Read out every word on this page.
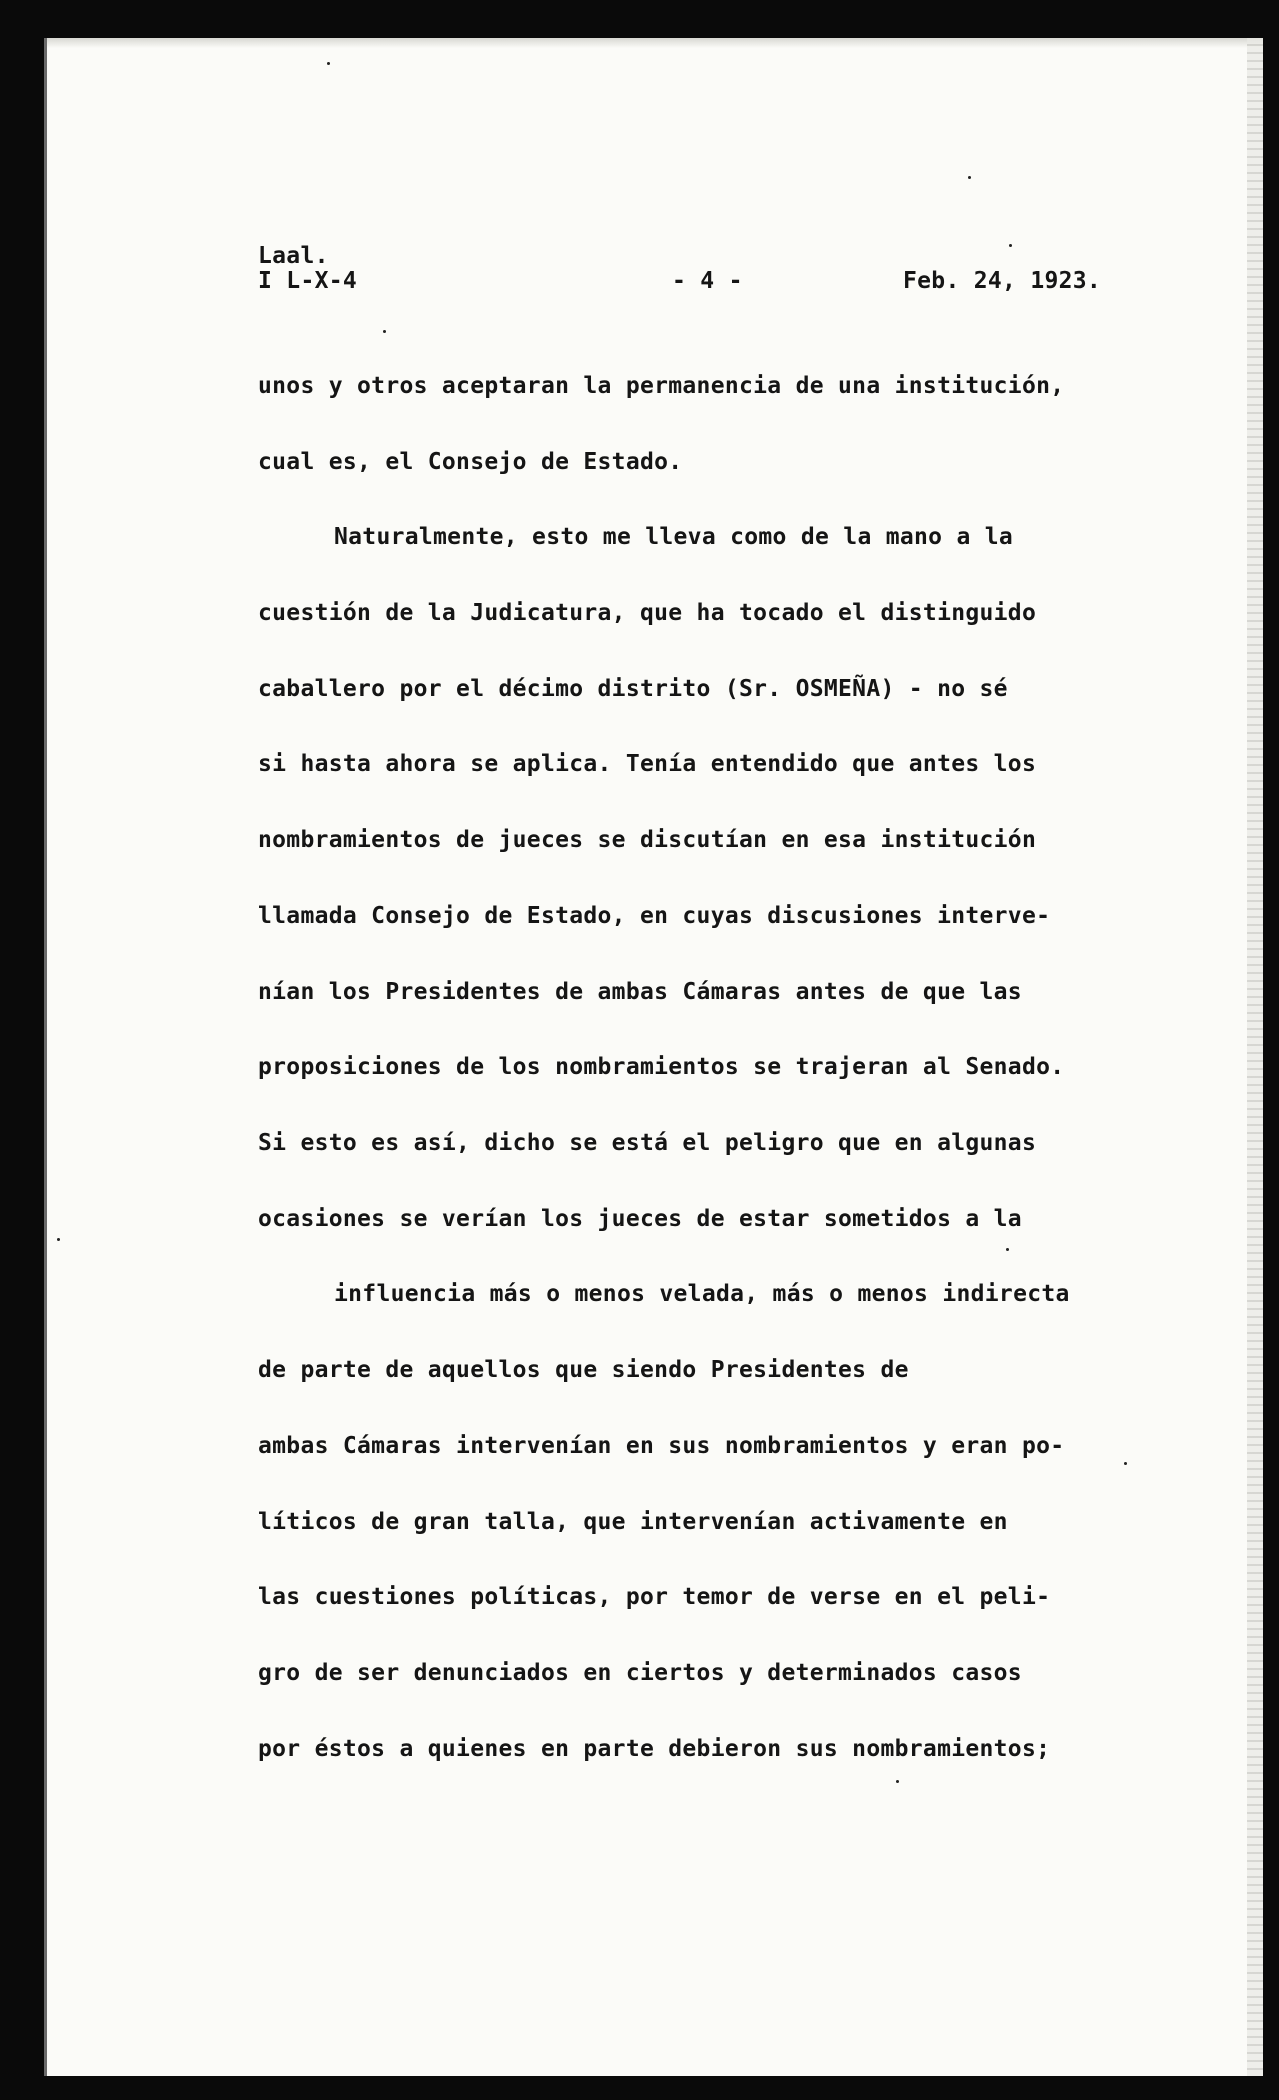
Laal.
I L-X-4	- 4 -	Feb. 24, 1923.
unos y otros aceptaran la permanencia de una institución,
cual es, el Consejo de Estado.
Naturalmente, esto me lleva como de la mano a la
cuestión de la Judicatura, que ha tocado el distinguido
caballero por el décimo distrito (Sr. OSMEÑA) - no sé
si hasta ahora se aplica. Tenía entendido que antes los
nombramientos de jueces se discutían en esa institución
llamada Consejo de Estado, en cuyas discusiones interve-
nían los Presidentes de ambas Cámaras antes de que las
proposiciones de los nombramientos se trajeran al Senado.
Si esto es así, dicho se está el peligro que en algunas
ocasiones se verían los jueces de estar sometidos a la
influencia más o menos velada, más o menos indirecta
de parte de aquellos que siendo Presidentes de
ambas Cámaras intervenían en sus nombramientos y eran po-
líticos de gran talla, que intervenían activamente en
las cuestiones políticas, por temor de verse en el peli-
gro de ser denunciados en ciertos y determinados casos
por éstos a quienes en parte debieron sus nombramientos;
